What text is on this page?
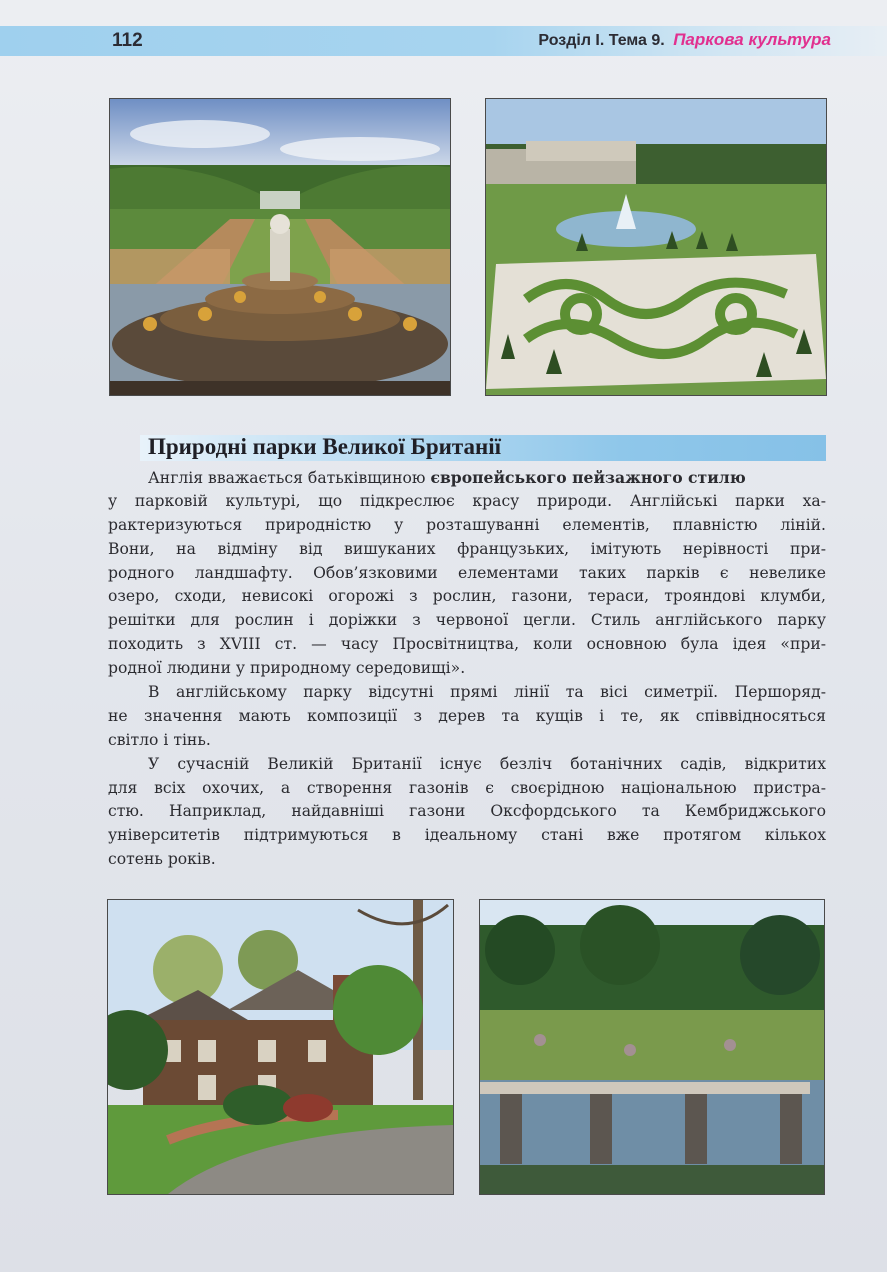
112	Розділ І. Тема 9. Паркова культура
Природні парки Великої Британії
Англія вважається батьківщиною європейського пейзажного стилю
у парковій культурі, що підкреслює красу природи. Англійські парки ха-
рактеризуються природністю у розташуванні елементів, плавністю ліній.
Вони, на відміну від вишуканих французьких, імітують нерівності при-
родного ландшафту. Обов’язковими елементами таких парків є невелике
озеро, сходи, невисокі огорожі з рослин, газони, тераси, трояндові клумби,
решітки для рослин і доріжки з червоної цегли. Стиль англійського парку
походить з XVIII ст. — часу Просвітництва, коли основною була ідея «при-
родної людини у природному середовищі».
В англійському парку відсутні прямі лінії та вісі симетрії. Першоряд-
не значення мають композиції з дерев та кущів і те, як співвідносяться
світло і тінь.
У сучасній Великій Британії існує безліч ботанічних садів, відкритих
для всіх охочих, а створення газонів є своєрідною національною пристра-
стю. Наприклад, найдавніші газони Оксфордського та Кембриджського
університетів підтримуються в ідеальному стані вже протягом кількох
сотень років.
